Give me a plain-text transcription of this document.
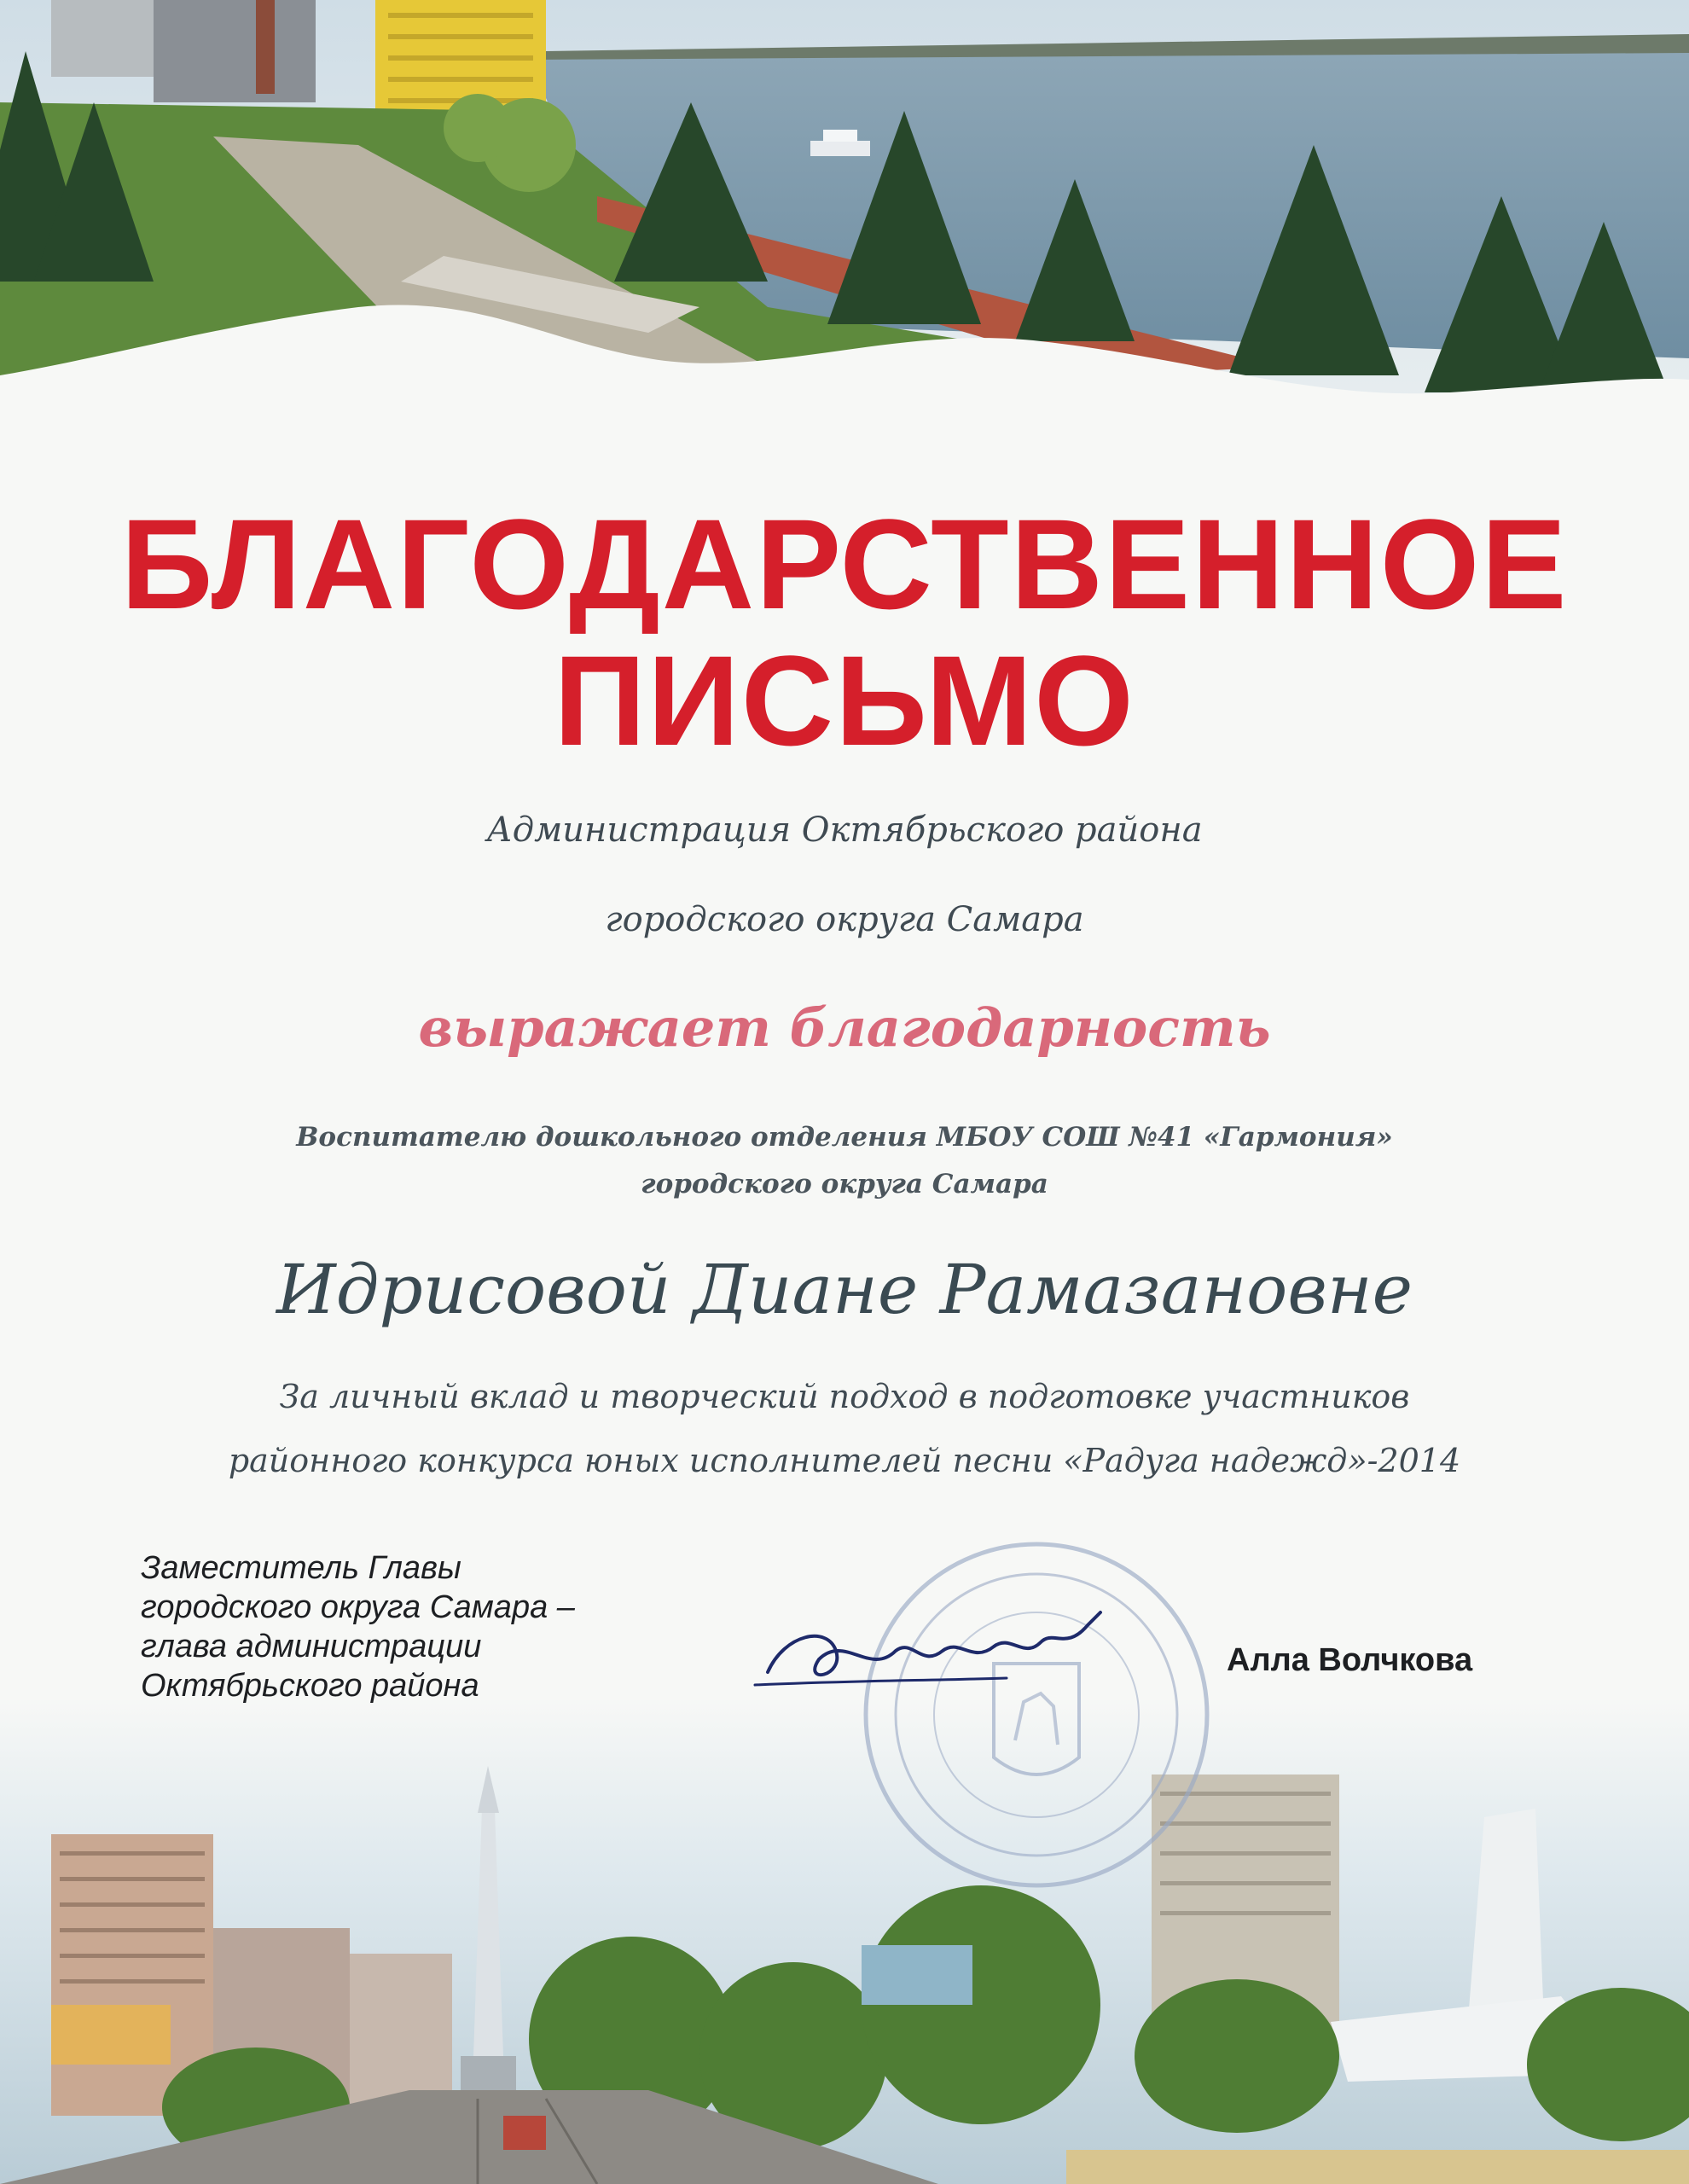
БЛАГОДАРСТВЕННОЕ
ПИСЬМО
Администрация Октябрьского района
городского округа Самара
выражает благодарность
Воспитателю дошкольного отделения МБОУ СОШ №41 «Гармония»
городского округа Самара
Идрисовой Диане Рамазановне
За личный вклад и творческий подход в подготовке участников
районного конкурса юных исполнителей песни «Радуга надежд»-2014
Заместитель Главы
городского округа Самара –
глава администрации
Октябрьского района
Алла Волчкова
